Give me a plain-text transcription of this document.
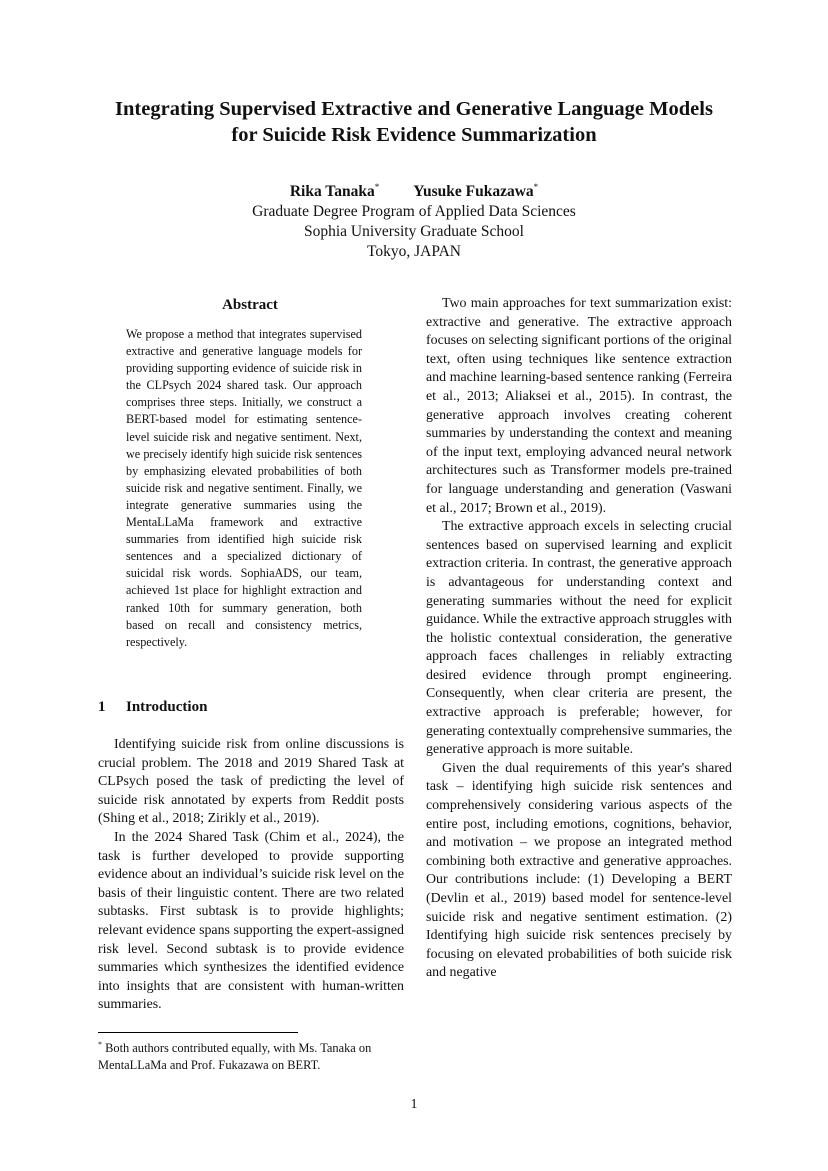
Integrating Supervised Extractive and Generative Language Models
for Suicide Risk Evidence Summarization
Rika Tanaka* Yusuke Fukazawa*
Graduate Degree Program of Applied Data Sciences
Sophia University Graduate School
Tokyo, JAPAN
Abstract

We propose a method that integrates supervised extractive and generative language models for providing supporting evidence of suicide risk in the CLPsych 2024 shared task. Our approach comprises three steps. Initially, we construct a BERT-based model for estimating sentence-level suicide risk and negative sentiment. Next, we precisely identify high suicide risk sentences by emphasizing elevated probabilities of both suicide risk and negative sentiment. Finally, we integrate generative summaries using the MentaLLaMa framework and extractive summaries from identified high suicide risk sentences and a specialized dictionary of suicidal risk words. SophiaADS, our team, achieved 1st place for highlight extraction and ranked 10th for summary generation, both based on recall and consistency metrics, respectively.

1 Introduction

Identifying suicide risk from online discussions is crucial problem. The 2018 and 2019 Shared Task at CLPsych posed the task of predicting the level of suicide risk annotated by experts from Reddit posts (Shing et al., 2018; Zirikly et al., 2019).

In the 2024 Shared Task (Chim et al., 2024), the task is further developed to provide supporting evidence about an individual’s suicide risk level on the basis of their linguistic content. There are two related subtasks. First subtask is to provide highlights; relevant evidence spans supporting the expert-assigned risk level. Second subtask is to provide evidence summaries which synthesizes the identified evidence into insights that are consistent with human-written summaries.

Two main approaches for text summarization exist: extractive and generative. The extractive approach focuses on selecting significant portions of the original text, often using techniques like sentence extraction and machine learning-based sentence ranking (Ferreira et al., 2013; Aliaksei et al., 2015). In contrast, the generative approach involves creating coherent summaries by understanding the context and meaning of the input text, employing advanced neural network architectures such as Transformer models pre-trained for language understanding and generation (Vaswani et al., 2017; Brown et al., 2019).

The extractive approach excels in selecting crucial sentences based on supervised learning and explicit extraction criteria. In contrast, the generative approach is advantageous for understanding context and generating summaries without the need for explicit guidance. While the extractive approach struggles with the holistic contextual consideration, the generative approach faces challenges in reliably extracting desired evidence through prompt engineering. Consequently, when clear criteria are present, the extractive approach is preferable; however, for generating contextually comprehensive summaries, the generative approach is more suitable.

Given the dual requirements of this year's shared task – identifying high suicide risk sentences and comprehensively considering various aspects of the entire post, including emotions, cognitions, behavior, and motivation – we propose an integrated method combining both extractive and generative approaches. Our contributions include: (1) Developing a BERT (Devlin et al., 2019) based model for sentence-level suicide risk and negative sentiment estimation. (2) Identifying high suicide risk sentences precisely by focusing on elevated probabilities of both suicide risk and negative

* Both authors contributed equally, with Ms. Tanaka on MentaLLaMa and Prof. Fukazawa on BERT.

1
